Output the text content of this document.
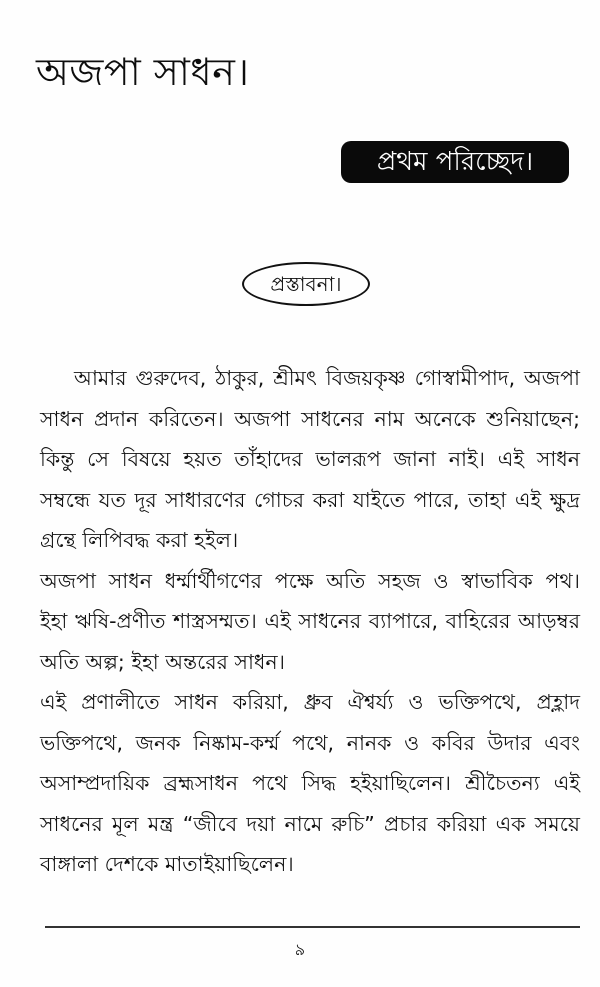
অজপা সাধন।
প্রথম পরিচ্ছেদ।
প্রস্তাবনা।

আমার গুরুদেব, ঠাকুর, শ্রীমৎ বিজয়কৃষ্ণ গোস্বামীপাদ, অজপা
সাধন প্রদান করিতেন। অজপা সাধনের নাম অনেকে শুনিয়াছেন;
কিন্তু সে বিষয়ে হয়ত তাঁহাদের ভালরূপ জানা নাই। এই সাধন
সম্বন্ধে যত দূর সাধারণের গোচর করা যাইতে পারে, তাহা এই ক্ষুদ্র
গ্রন্থে লিপিবদ্ধ করা হইল।

অজপা সাধন ধর্ম্মার্থীগণের পক্ষে অতি সহজ ও স্বাভাবিক পথ।
ইহা ঋষি-প্রণীত শাস্ত্রসম্মত। এই সাধনের ব্যাপারে, বাহিরের আড়ম্বর
অতি অল্প; ইহা অন্তরের সাধন।

এই প্রণালীতে সাধন করিয়া, ধ্রুব ঐশ্বর্য্য ও ভক্তিপথে, প্রহ্লাদ
ভক্তিপথে, জনক নিষ্কাম-কর্ম্ম পথে, নানক ও কবির উদার এবং
অসাম্প্রদায়িক ব্রহ্মসাধন পথে সিদ্ধ হইয়াছিলেন। শ্রীচৈতন্য এই
সাধনের মূল মন্ত্র “জীবে দয়া নামে রুচি” প্রচার করিয়া এক সময়ে
বাঙ্গালা দেশকে মাতাইয়াছিলেন।

৯
